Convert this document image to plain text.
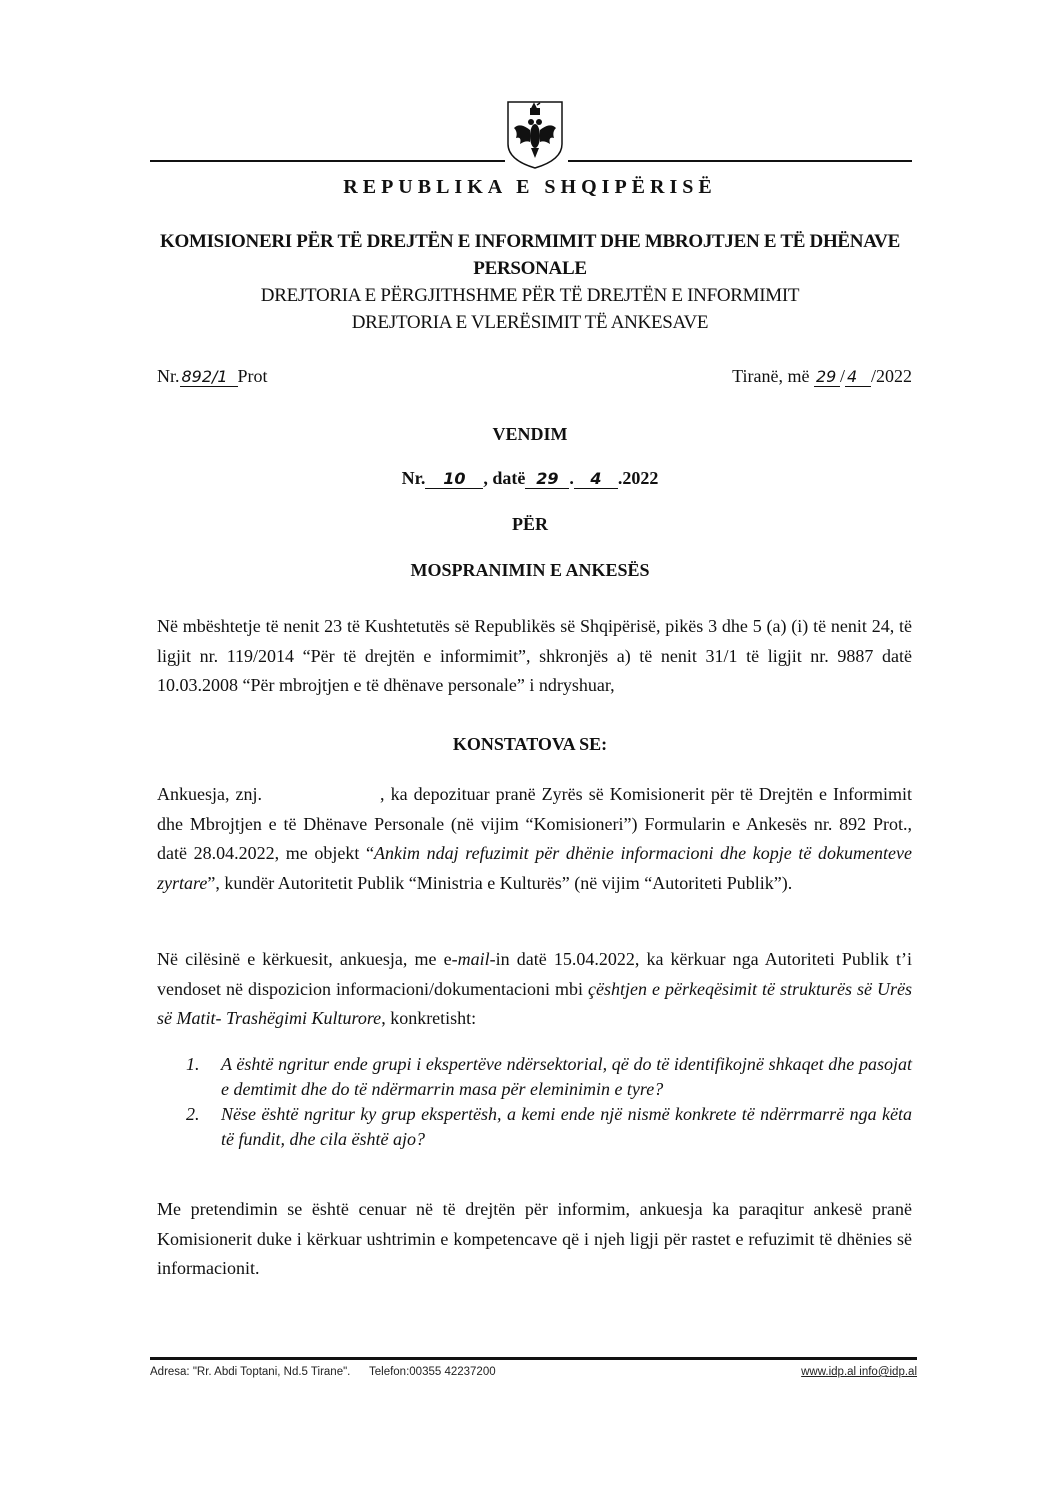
REPUBLIKA E SHQIPËRISË
KOMISIONERI PËR TË DREJTËN E INFORMIMIT DHE MBROJTJEN E TË DHËNAVE PERSONALE
DREJTORIA E PËRGJITHSHME PËR TË DREJTËN E INFORMIMIT
DREJTORIA E VLERËSIMIT TË ANKESAVE
Nr. 892/1 Prot	Tiranë, më 29 / 4 /2022
VENDIM
Nr. 10 , datë 29 . 4 .2022
PËR
MOSPRANIMIN E ANKESËS
Në mbështetje të nenit 23 të Kushtetutës së Republikës së Shqipërisë, pikës 3 dhe 5 (a) (i) të nenit 24, të ligjit nr. 119/2014 “Për të drejtën e informimit”, shkronjës a) të nenit 31/1 të ligjit nr. 9887 datë 10.03.2008 “Për mbrojtjen e të dhënave personale” i ndryshuar,
KONSTATOVA SE:
Ankuesja, znj.	, ka depozituar pranë Zyrës së Komisionerit për të Drejtën e Informimit dhe Mbrojtjen e të Dhënave Personale (në vijim “Komisioneri”) Formularin e Ankesës nr. 892 Prot., datë 28.04.2022, me objekt “Ankim ndaj refuzimit për dhënie informacioni dhe kopje të dokumenteve zyrtare”, kundër Autoritetit Publik “Ministria e Kulturës” (në vijim “Autoriteti Publik”).
Në cilësinë e kërkuesit, ankuesja, me e-mail-in datë 15.04.2022, ka kërkuar nga Autoriteti Publik t’i vendoset në dispozicion informacioni/dokumentacioni mbi çështjen e përkeqësimit të strukturës së Urës së Matit- Trashëgimi Kulturore, konkretisht:
1. A është ngritur ende grupi i ekspertëve ndërsektorial, që do të identifikojnë shkaqet dhe pasojat e demtimit dhe do të ndërmarrin masa për eleminimin e tyre?
2. Nëse është ngritur ky grup ekspertësh, a kemi ende një nismë konkrete të ndërrmarrë nga këta të fundit, dhe cila është ajo?
Me pretendimin se është cenuar në të drejtën për informim, ankuesja ka paraqitur ankesë pranë Komisionerit duke i kërkuar ushtrimin e kompetencave që i njeh ligji për rastet e refuzimit të dhënies së informacionit.
Adresa: "Rr. Abdi Toptani, Nd.5 Tirane". Telefon:00355 42237200	www.idp.al info@idp.al
